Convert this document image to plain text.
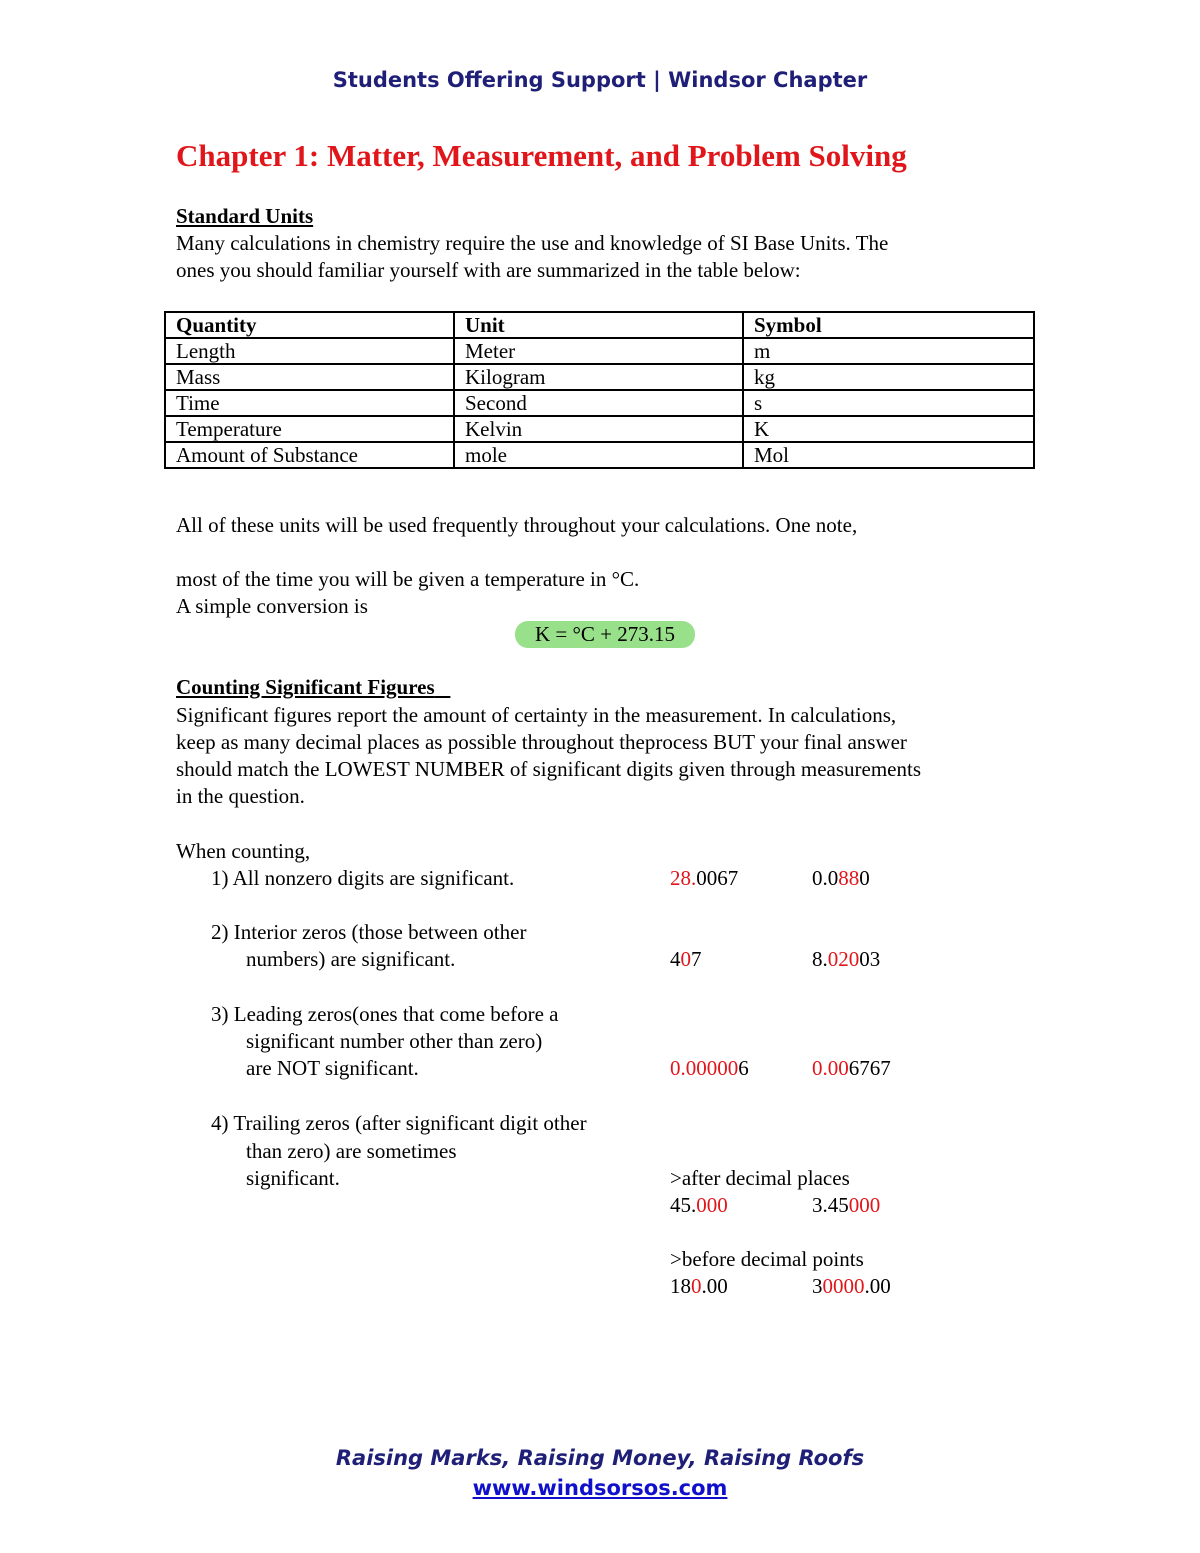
Students Offering Support | Windsor Chapter
Chapter 1: Matter, Measurement, and Problem Solving
Standard Units
Many calculations in chemistry require the use and knowledge of SI Base Units. The
ones you should familiar yourself with are summarized in the table below:
Quantity	Unit	Symbol
Length	Meter	m
Mass	Kilogram	kg
Time	Second	s
Temperature	Kelvin	K
Amount of Substance	mole	Mol
All of these units will be used frequently throughout your calculations. One note,
most of the time you will be given a temperature in °C.
A simple conversion is
K = °C + 273.15
Counting Significant Figures
Significant figures report the amount of certainty in the measurement. In calculations,
keep as many decimal places as possible throughout theprocess BUT your final answer
should match the LOWEST NUMBER of significant digits given through measurements
in the question.
When counting,
1) All nonzero digits are significant.	28.0067	0.0880
2) Interior zeros (those between other
numbers) are significant.	407	8.02003
3) Leading zeros(ones that come before a
significant number other than zero)
are NOT significant.	0.000006	0.006767
4) Trailing zeros (after significant digit other
than zero) are sometimes
significant.	>after decimal places
45.000	3.45000
>before decimal points
180.00	30000.00
Raising Marks, Raising Money, Raising Roofs
www.windsorsos.com
